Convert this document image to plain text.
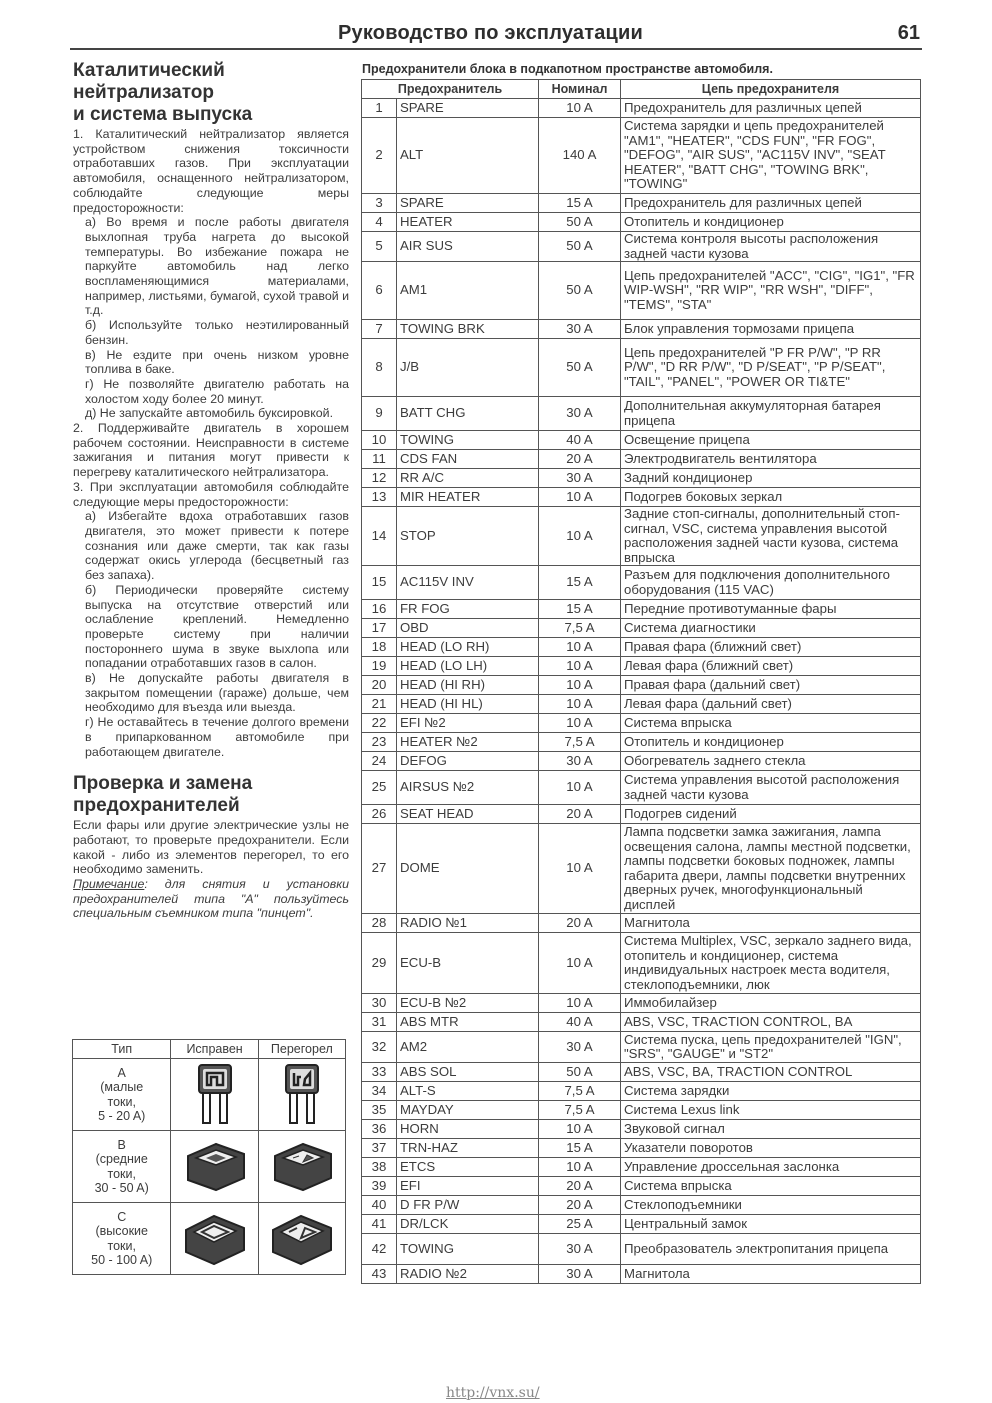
Руководство по эксплуатации	61
Каталитический
нейтрализатор
и система выпуска

1. Каталитический нейтрализатор является устройством снижения токсичности отработавших газов. При эксплуатации автомобиля, оснащенного нейтрализатором, соблюдайте следующие меры предосторожности:

а) Во время и после работы двигателя выхлопная труба нагрета до высокой температуры. Во избежание пожара не паркуйте автомобиль над легко воспламеняющимися материалами, например, листьями, бумагой, сухой травой и т.д.

б) Используйте только неэтилированный бензин.

в) Не ездите при очень низком уровне топлива в баке.

г) Не позволяйте двигателю работать на холостом ходу более 20 минут.

д) Не запускайте автомобиль буксировкой.

2. Поддерживайте двигатель в хорошем рабочем состоянии. Неисправности в системе зажигания и питания могут привести к перегреву каталитического нейтрализатора.

3. При эксплуатации автомобиля соблюдайте следующие меры предосторожности:

а) Избегайте вдоха отработавших газов двигателя, это может привести к потере сознания или даже смерти, так как газы содержат окись углерода (бесцветный газ без запаха).

б) Периодически проверяйте систему выпуска на отсутствие отверстий или ослабление креплений. Немедленно проверьте систему при наличии постороннего шума в звуке выхлопа или попадании отработавших газов в салон.

в) Не допускайте работы двигателя в закрытом помещении (гараже) дольше, чем необходимо для въезда или выезда.

г) Не оставайтесь в течение долгого времени в припаркованном автомобиле при работающем двигателе.

Проверка и замена
предохранителей

Если фары или другие электрические узлы не работают, то проверьте предохранители. Если какой - либо из элементов перегорел, то его необходимо заменить.

Примечание: для снятия и установки предохранителей типа "А" пользуйтесь специальным съемником типа "пинцет".

Тип	Исправен	Перегорел

A
(малые
токи,
5 - 20 A)

B
(средние
токи,
30 - 50 A)

C
(высокие
токи,
50 - 100 A)

Предохранители блока в подкапотном пространстве автомобиля.
Предохранитель		Номинал	Цепь предохранителя
1	SPARE	10 A	Предохранитель для различных цепей
2	ALT	140 A	Система зарядки и цепь предохранителей "AM1", "HEATER", "CDS FUN", "FR FOG", "DEFOG", "AIR SUS", "AC115V INV", "SEAT HEATER", "BATT CHG", "TOWING BRK", "TOWING"
3	SPARE	15 A	Предохранитель для различных цепей
4	HEATER	50 A	Отопитель и кондиционер
5	AIR SUS	50 A	Система контроля высоты расположения задней части кузова
6	AM1	50 A	Цепь предохранителей "ACC", "CIG", "IG1", "FR WIP-WSH", "RR WIP", "RR WSH", "DIFF", "TEMS", "STA"
7	TOWING BRK	30 A	Блок управления тормозами прицепа
8	J/B	50 A	Цепь предохранителей "P FR P/W", "P RR P/W", "D RR P/W", "D P/SEAT", "P P/SEAT", "TAIL", "PANEL", "POWER OR TI&TE"
9	BATT CHG	30 A	Дополнительная аккумуляторная батарея прицепа
10	TOWING	40 A	Освещение прицепа
11	CDS FAN	20 A	Электродвигатель вентилятора
12	RR A/C	30 A	Задний кондиционер
13	MIR HEATER	10 A	Подогрев боковых зеркал
14	STOP	10 A	Задние стоп-сигналы, дополнительный стоп-сигнал, VSC, система управления высотой расположения задней части кузова, система впрыска
15	AC115V INV	15 A	Разъем для подключения дополнительного оборудования (115 VAC)
16	FR FOG	15 A	Передние противотуманные фары
17	OBD	7,5 A	Система диагностики
18	HEAD (LO RH)	10 A	Правая фара (ближний свет)
19	HEAD (LO LH)	10 A	Левая фара (ближний свет)
20	HEAD (HI RH)	10 A	Правая фара (дальний свет)
21	HEAD (HI HL)	10 A	Левая фара (дальний свет)
22	EFI №2	10 A	Система впрыска
23	HEATER №2	7,5 A	Отопитель и кондиционер
24	DEFOG	30 A	Обогреватель заднего стекла
25	AIRSUS №2	10 A	Система управления высотой расположения задней части кузова
26	SEAT HEAD	20 A	Подогрев сидений
27	DOME	10 A	Лампа подсветки замка зажигания, лампа освещения салона, лампы местной подсветки, лампы подсветки боковых подножек, лампы габарита двери, лампы подсветки внутренних дверных ручек, многофункциональный дисплей
28	RADIO №1	20 A	Магнитола
29	ECU-B	10 A	Система Multiplex, VSC, зеркало заднего вида, отопитель и кондиционер, система индивидуальных настроек места водителя, стеклоподъемники, люк
30	ECU-B №2	10 A	Иммобилайзер
31	ABS MTR	40 A	ABS, VSC, TRACTION CONTROL, BA
32	AM2	30 A	Система пуска, цепь предохранителей "IGN", "SRS", "GAUGE" и "ST2"
33	ABS SOL	50 A	ABS, VSC, BA, TRACTION CONTROL
34	ALT-S	7,5 A	Система зарядки
35	MAYDAY	7,5 A	Система Lexus link
36	HORN	10 A	Звуковой сигнал
37	TRN-HAZ	15 A	Указатели поворотов
38	ETCS	10 A	Управление дроссельная заслонка
39	EFI	20 A	Система впрыска
40	D FR P/W	20 A	Стеклоподъемники
41	DR/LCK	25 A	Центральный замок
42	TOWING	30 A	Преобразователь электропитания прицепа
43	RADIO №2	30 A	Магнитола
http://vnx.su/
